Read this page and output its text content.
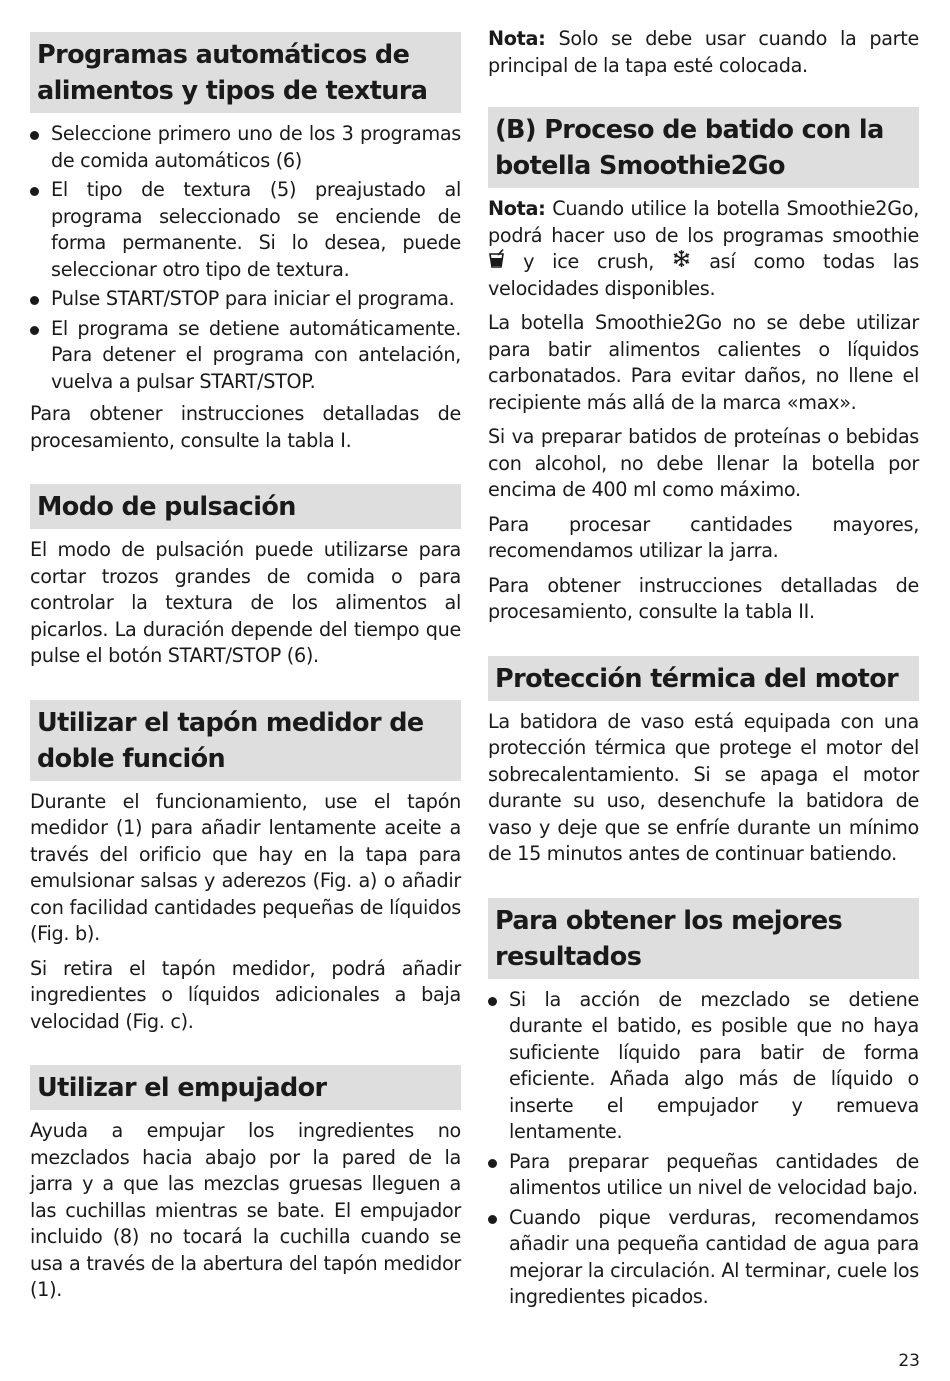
Programas automáticos de alimentos y tipos de textura
Seleccione primero uno de los 3 programas de comida automáticos (6)
El tipo de textura (5) preajustado al programa seleccionado se enciende de forma permanente. Si lo desea, puede seleccionar otro tipo de textura.
Pulse START/STOP para iniciar el programa.
El programa se detiene automáticamente. Para detener el programa con antelación, vuelva a pulsar START/STOP.

Para obtener instrucciones detalladas de procesamiento, consulte la tabla I.

Modo de pulsación

El modo de pulsación puede utilizarse para cortar trozos grandes de comida o para controlar la textura de los alimentos al picarlos. La duración depende del tiempo que pulse el botón START/STOP (6).

Utilizar el tapón medidor de doble función

Durante el funcionamiento, use el tapón medidor (1) para añadir lentamente aceite a través del orificio que hay en la tapa para emulsionar salsas y aderezos (Fig. a) o añadir con facilidad cantidades pequeñas de líquidos (Fig. b).

Si retira el tapón medidor, podrá añadir ingredientes o líquidos adicionales a baja velocidad (Fig. c).

Utilizar el empujador

Ayuda a empujar los ingredientes no mezclados hacia abajo por la pared de la jarra y a que las mezclas gruesas lleguen a las cuchillas mientras se bate. El empujador incluido (8) no tocará la cuchilla cuando se usa a través de la abertura del tapón medidor (1).

Nota: Solo se debe usar cuando la parte principal de la tapa esté colocada.

(B) Proceso de batido con la botella Smoothie2Go

Nota: Cuando utilice la botella Smoothie2Go, podrá hacer uso de los programas smoothie  y ice crush,	así como todas las velocidades disponibles.

La botella Smoothie2Go no se debe utilizar para batir alimentos calientes o líquidos carbonatados. Para evitar daños, no llene el recipiente más allá de la marca «max».

Si va preparar batidos de proteínas o bebidas con alcohol, no debe llenar la botella por encima de 400 ml como máximo.

Para procesar cantidades mayores, recomendamos utilizar la jarra.

Para obtener instrucciones detalladas de procesamiento, consulte la tabla II.

Protección térmica del motor

La batidora de vaso está equipada con una protección térmica que protege el motor del sobrecalentamiento. Si se apaga el motor durante su uso, desenchufe la batidora de vaso y deje que se enfríe durante un mínimo de 15 minutos antes de continuar batiendo.

Para obtener los mejores resultados
Si la acción de mezclado se detiene durante el batido, es posible que no haya suficiente líquido para batir de forma eficiente. Añada algo más de líquido o inserte el empujador y remueva lentamente.
Para preparar pequeñas cantidades de alimentos utilice un nivel de velocidad bajo.
Cuando pique verduras, recomendamos añadir una pequeña cantidad de agua para mejorar la circulación. Al terminar, cuele los ingredientes picados.
23
